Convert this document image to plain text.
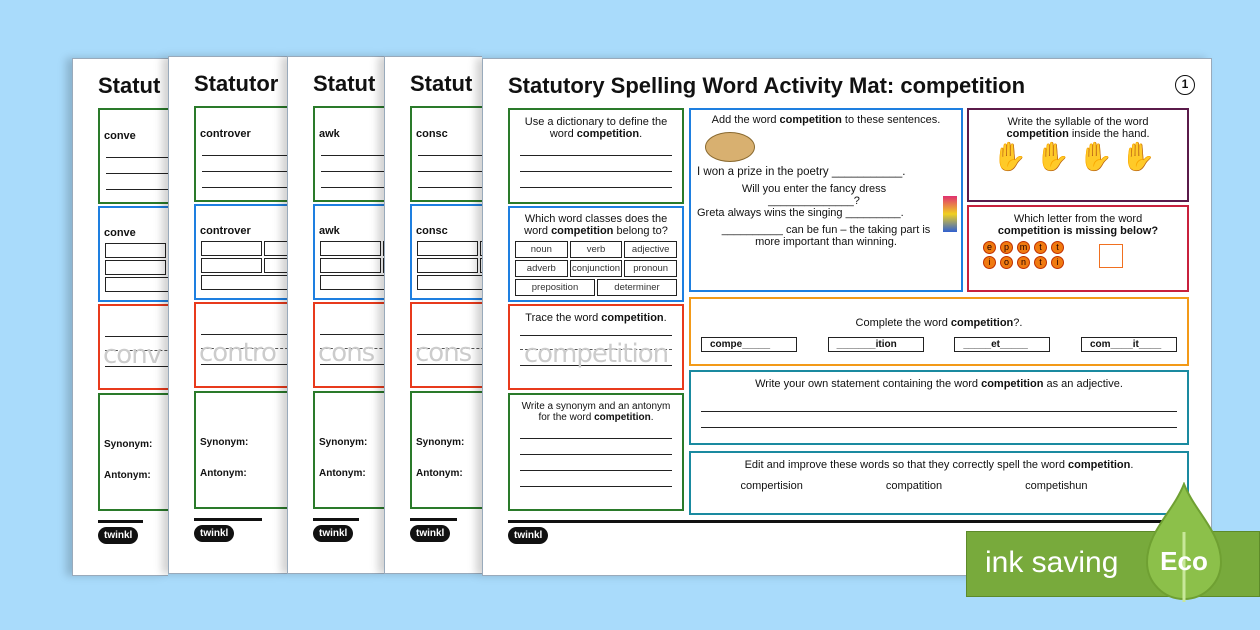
Statut
conve
conve
conv
Synonym:
Antonym:
twinkl
Statutor
controver
controver
contro
Synonym:
Antonym:
twinkl
Statut
awk
awk
cons
Synonym:
Antonym:
twinkl
Statut
consc
consc
cons
Synonym:
Antonym:
twinkl
Statutory Spelling Word Activity Mat: competition	1
Use a dictionary to define the
word competition.
Which word classes does the
word competition belong to?
noun	verb	adjective
adverb	conjunction	pronoun
preposition	determiner
Trace the word competition.
competition
Write a synonym and an antonym
for the word competition.
Add the word competition to these sentences.
I won a prize in the poetry ___________.
Will you enter the fancy dress
______________?
Greta always wins the singing _________.
__________ can be fun – the taking part is
more important than winning.
Write the syllable of the word
competition inside the hand.
✋✋✋✋
Which letter from the word
competition is missing below?
e p m t t
i o n t i
Complete the word competition?.
compe_____	_______ition	_____et_____	com____it____
Write your own statement containing the word competition as an adjective.
Edit and improve these words so that they correctly spell the word competition.
compertision	compatition	competishun
twinkl
ink saving Eco
